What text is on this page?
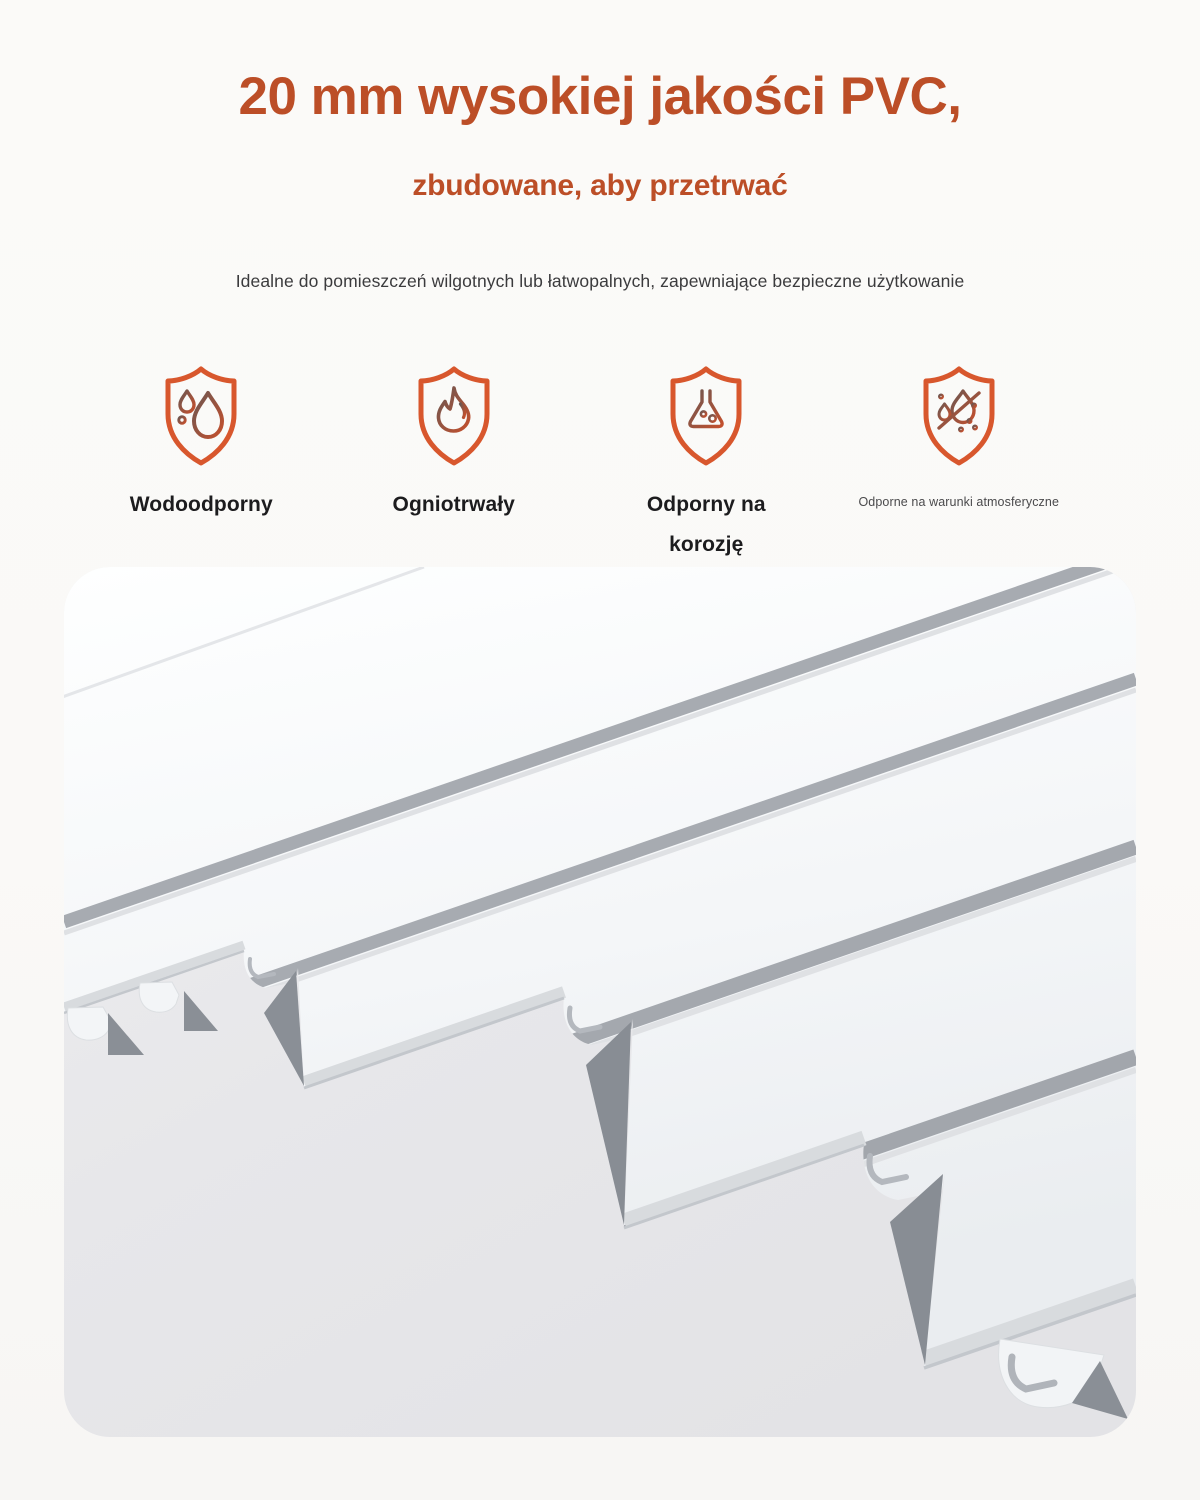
20 mm wysokiej jakości PVC,
zbudowane, aby przetrwać

Idealne do pomieszczeń wilgotnych lub łatwopalnych, zapewniające bezpieczne użytkowanie

Wodoodporny	Ogniotrwały	Odporny na korozję
Odporne na warunki atmosferyczne
